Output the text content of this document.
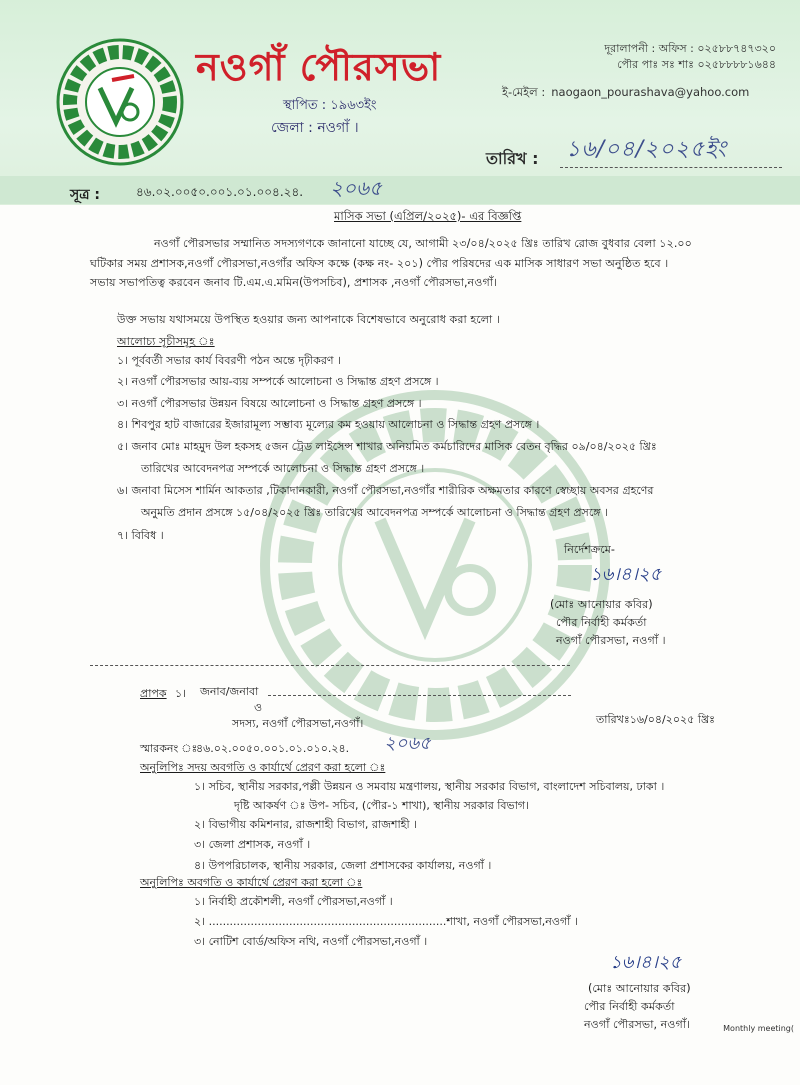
নওগাঁ পৌরসভা
স্থাপিত : ১৯৬৩ইং
জেলা : নওগাঁ ।
দূরালাপনী : অফিস : ০২৫৮৮৭৪৭৩২০
পৌর পাঃ সঃ শাঃ ০২৫৮৮৮৮১৬৪৪
ই-মেইল : naogaon_pourashava@yahoo.com
তারিখ : ১৬/০৪/২০২৫ইং
সূত্র :	৪৬.০২.০০৫০.০০১.০১.০০৪.২৪. ২০৬৫
মাসিক সভা (এপ্রিল/২০২৫)- এর বিজ্ঞপ্তি
নওগাঁ পৌরসভার সম্মানিত সদস্যগণকে জানানো যাচ্ছে যে, আগামী ২৩/০৪/২০২৫ খ্রিঃ তারিখ রোজ বুধবার বেলা ১২.০০
ঘটিকার সময় প্রশাসক,নওগাঁ পৌরসভা,নওগাঁর অফিস কক্ষে (কক্ষ নং- ২০১) পৌর পরিষদের এক মাসিক সাধারণ সভা অনুষ্ঠিত হবে ।
সভায় সভাপতিত্ব করবেন জনাব টি.এম.এ.মমিন(উপসচিব), প্রশাসক ,নওগাঁ পৌরসভা,নওগাঁ।
উক্ত সভায় যথাসময়ে উপস্থিত হওয়ার জন্য আপনাকে বিশেষভাবে অনুরোধ করা হলো ।
আলোচ্য সূচীসমূহ ঃ
১। পূর্ববর্তী সভার কার্য বিবরণী পঠন অন্তে দৃঢ়ীকরণ ।
২। নওগাঁ পৌরসভার আয়-ব্যয় সম্পর্কে আলোচনা ও সিদ্ধান্ত গ্রহণ প্রসঙ্গে ।
৩। নওগাঁ পৌরসভার উন্নয়ন বিষয়ে আলোচনা ও সিদ্ধান্ত গ্রহণ প্রসঙ্গে ।
৪। শিবপুর হাট বাজারের ইজারামূল্য সম্ভাব্য মূল্যের কম হওয়ায় আলোচনা ও সিদ্ধান্ত গ্রহণ প্রসঙ্গে ।
৫। জনাব মোঃ মাহমুদ উল হকসহ ৫জন ট্রেড লাইসেন্স শাখার অনিয়মিত কর্মচারিদের মাসিক বেতন বৃদ্ধির ০৯/০৪/২০২৫ খ্রিঃ
তারিখের আবেদনপত্র সম্পর্কে আলোচনা ও সিদ্ধান্ত গ্রহণ প্রসঙ্গে ।
৬। জনাবা মিসেস শার্মিন আকতার ,টিকাদানকারী, নওগাঁ পৌরসভা,নওগাঁর শারীরিক অক্ষমতার কারণে স্বেচ্ছায় অবসর গ্রহণের
অনুমতি প্রদান প্রসঙ্গে ১৫/০৪/২০২৫ খ্রিঃ তারিখের আবেদনপত্র সম্পর্কে আলোচনা ও সিদ্ধান্ত গ্রহণ প্রসঙ্গে ।
৭। বিবিধ ।
নির্দেশক্রমে-
১৬।৪।২৫
(মোঃ আনোয়ার কবির)
পৌর নির্বাহী কর্মকর্তা
নওগাঁ পৌরসভা, নওগাঁ ।
প্রাপক ১। জনাব/জনাবা
ও
সদস্য, নওগাঁ পৌরসভা,নওগাঁ।	তারিখঃ১৬/০৪/২০২৫ খ্রিঃ
স্মারকনং ঃ
৪৬.০২.০০৫০.০০১.০১.০১০.২৪. ২০৬৫
অনুলিপিঃ সদয় অবগতি ও কার্যার্থে প্রেরণ করা হলো ঃ
১। সচিব, স্থানীয় সরকার,পল্লী উন্নয়ন ও সমবায় মন্ত্রণালয়, স্থানীয় সরকার বিভাগ, বাংলাদেশ সচিবালয়, ঢাকা ।
দৃষ্টি আকর্ষণ ঃ উপ- সচিব, (পৌর-১ শাখা), স্থানীয় সরকার বিভাগ।
২। বিভাগীয় কমিশনার, রাজশাহী বিভাগ, রাজশাহী ।
৩। জেলা প্রশাসক, নওগাঁ ।
৪। উপপরিচালক, স্থানীয় সরকার, জেলা প্রশাসকের কার্যালয়, নওগাঁ ।
অনুলিপিঃ অবগতি ও কার্যার্থে প্রেরণ করা হলো ঃ
১। নির্বাহী প্রকৌশলী, নওগাঁ পৌরসভা,নওগাঁ ।
২। ....................................................................শাখা, নওগাঁ পৌরসভা,নওগাঁ ।
৩। নোটিশ বোর্ড/অফিস নথি, নওগাঁ পৌরসভা,নওগাঁ ।
১৬।৪।২৫
(মোঃ আনোয়ার কবির)
পৌর নির্বাহী কর্মকর্তা
নওগাঁ পৌরসভা, নওগাঁ।	Monthly meeting(
